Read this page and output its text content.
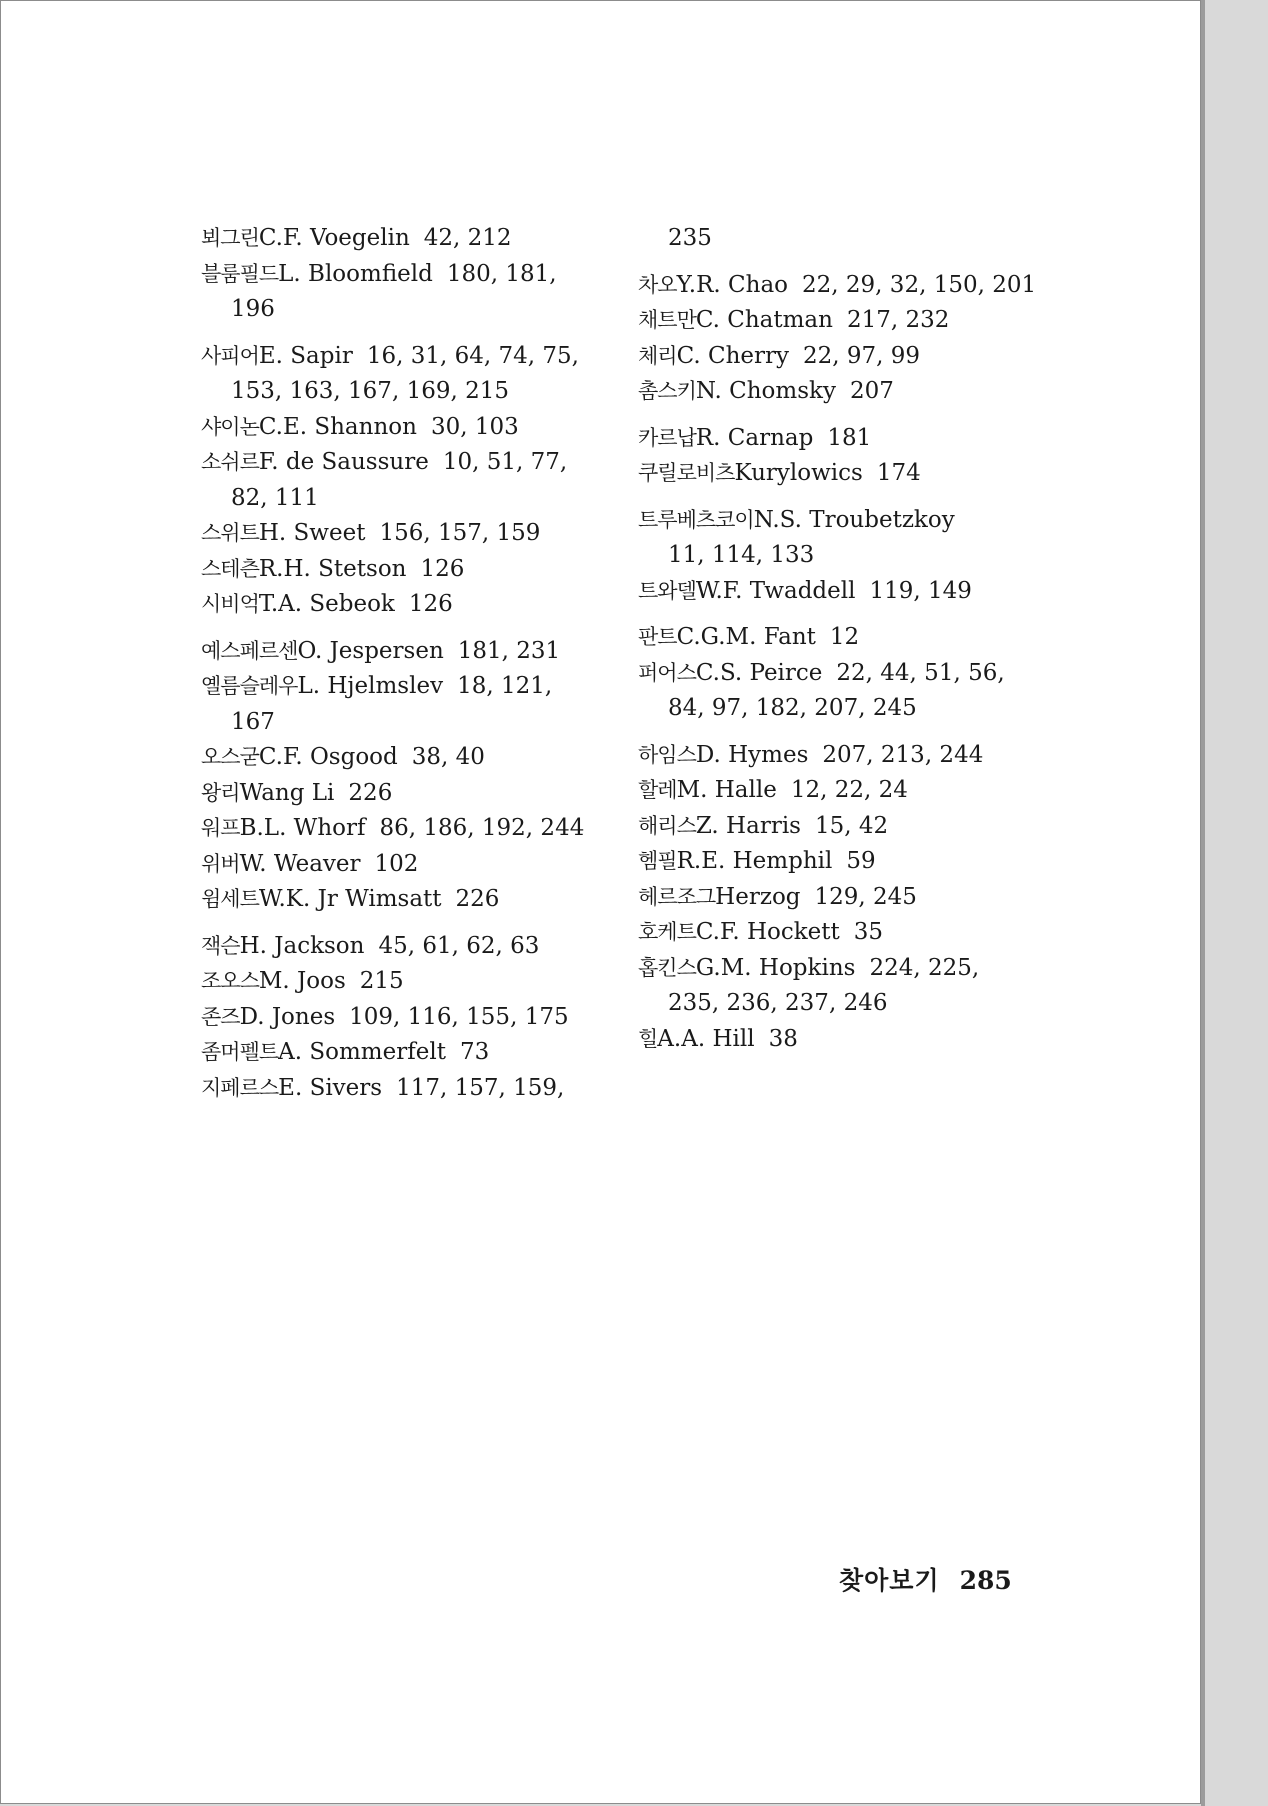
뵈그린C.F. Voegelin 42, 212
블룸필드L. Bloomfield 180, 181,
196
사피어E. Sapir 16, 31, 64, 74, 75,
153, 163, 167, 169, 215
샤이논C.E. Shannon 30, 103
소쉬르F. de Saussure 10, 51, 77,
82, 111
스위트H. Sweet 156, 157, 159
스테츤R.H. Stetson 126
시비억T.A. Sebeok 126
예스페르센O. Jespersen 181, 231
옐름슬레우L. Hjelmslev 18, 121,
167
오스굳C.F. Osgood 38, 40
왕리Wang Li 226
워프B.L. Whorf 86, 186, 192, 244
위버W. Weaver 102
윔세트W.K. Jr Wimsatt 226
잭슨H. Jackson 45, 61, 62, 63
조오스M. Joos 215
존즈D. Jones 109, 116, 155, 175
좀머펠트A. Sommerfelt 73
지페르스E. Sivers 117, 157, 159,
235
차오Y.R. Chao 22, 29, 32, 150, 201
채트만C. Chatman 217, 232
체리C. Cherry 22, 97, 99
촘스키N. Chomsky 207
카르납R. Carnap 181
쿠릴로비츠Kurylowics 174
트루베츠코이N.S. Troubetzkoy
11, 114, 133
트와델W.F. Twaddell 119, 149
판트C.G.M. Fant 12
퍼어스C.S. Peirce 22, 44, 51, 56,
84, 97, 182, 207, 245
하임스D. Hymes 207, 213, 244
할레M. Halle 12, 22, 24
해리스Z. Harris 15, 42
헴필R.E. Hemphil 59
헤르조그Herzog 129, 245
호케트C.F. Hockett 35
홉킨스G.M. Hopkins 224, 225,
235, 236, 237, 246
힐A.A. Hill 38
찾아보기 285
